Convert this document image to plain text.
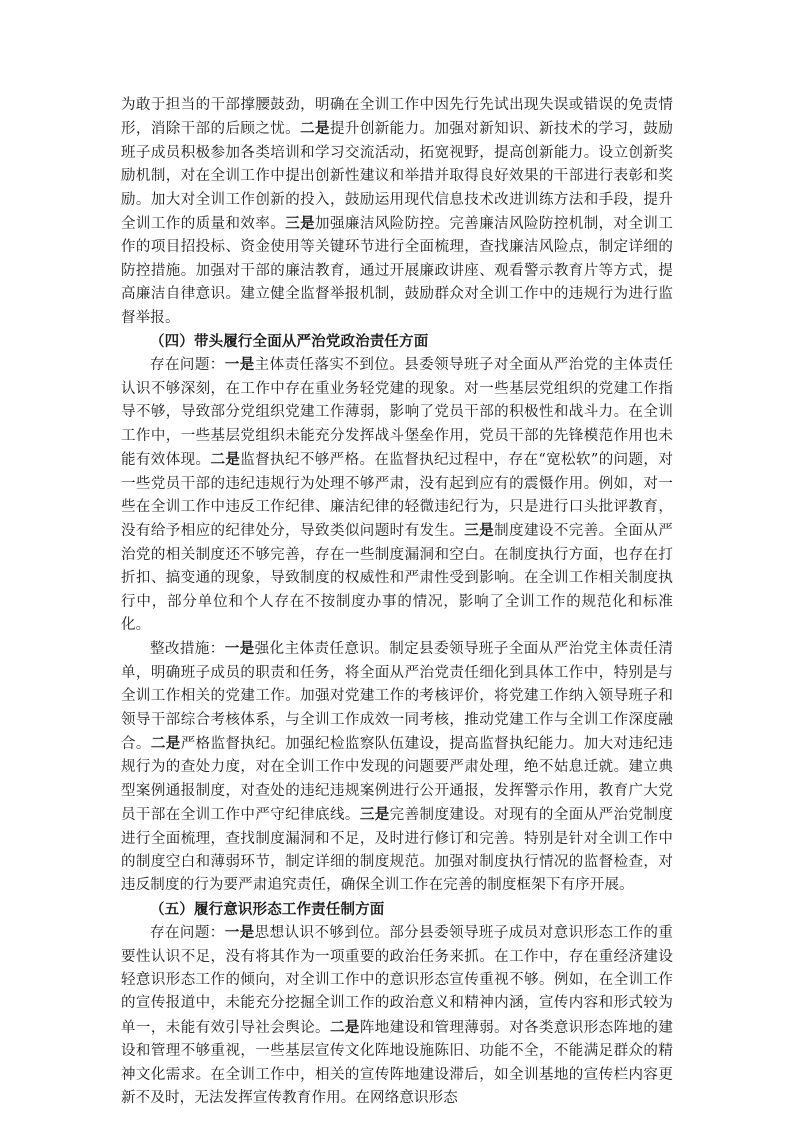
为敢于担当的干部撑腰鼓劲，明确在全训工作中因先行先试出现失误或错误的免责情形，消除干部的后顾之忧。二是提升创新能力。加强对新知识、新技术的学习，鼓励班子成员积极参加各类培训和学习交流活动，拓宽视野，提高创新能力。设立创新奖励机制，对在全训工作中提出创新性建议和举措并取得良好效果的干部进行表彰和奖励。加大对全训工作创新的投入，鼓励运用现代信息技术改进训练方法和手段，提升全训工作的质量和效率。三是加强廉洁风险防控。完善廉洁风险防控机制，对全训工作的项目招投标、资金使用等关键环节进行全面梳理，查找廉洁风险点，制定详细的防控措施。加强对干部的廉洁教育，通过开展廉政讲座、观看警示教育片等方式，提高廉洁自律意识。建立健全监督举报机制，鼓励群众对全训工作中的违规行为进行监督举报。

（四）带头履行全面从严治党政治责任方面

存在问题：一是主体责任落实不到位。县委领导班子对全面从严治党的主体责任认识不够深刻，在工作中存在重业务轻党建的现象。对一些基层党组织的党建工作指导不够，导致部分党组织党建工作薄弱，影响了党员干部的积极性和战斗力。在全训工作中，一些基层党组织未能充分发挥战斗堡垒作用，党员干部的先锋模范作用也未能有效体现。二是监督执纪不够严格。在监督执纪过程中，存在“宽松软”的问题，对一些党员干部的违纪违规行为处理不够严肃，没有起到应有的震慑作用。例如，对一些在全训工作中违反工作纪律、廉洁纪律的轻微违纪行为，只是进行口头批评教育，没有给予相应的纪律处分，导致类似问题时有发生。三是制度建设不完善。全面从严治党的相关制度还不够完善，存在一些制度漏洞和空白。在制度执行方面，也存在打折扣、搞变通的现象，导致制度的权威性和严肃性受到影响。在全训工作相关制度执行中，部分单位和个人存在不按制度办事的情况，影响了全训工作的规范化和标准化。

整改措施：一是强化主体责任意识。制定县委领导班子全面从严治党主体责任清单，明确班子成员的职责和任务，将全面从严治党责任细化到具体工作中，特别是与全训工作相关的党建工作。加强对党建工作的考核评价，将党建工作纳入领导班子和领导干部综合考核体系，与全训工作成效一同考核，推动党建工作与全训工作深度融合。二是严格监督执纪。加强纪检监察队伍建设，提高监督执纪能力。加大对违纪违规行为的查处力度，对在全训工作中发现的问题要严肃处理，绝不姑息迁就。建立典型案例通报制度，对查处的违纪违规案例进行公开通报，发挥警示作用，教育广大党员干部在全训工作中严守纪律底线。三是完善制度建设。对现有的全面从严治党制度进行全面梳理，查找制度漏洞和不足，及时进行修订和完善。特别是针对全训工作中的制度空白和薄弱环节，制定详细的制度规范。加强对制度执行情况的监督检查，对违反制度的行为要严肃追究责任，确保全训工作在完善的制度框架下有序开展。

（五）履行意识形态工作责任制方面

存在问题：一是思想认识不够到位。部分县委领导班子成员对意识形态工作的重要性认识不足，没有将其作为一项重要的政治任务来抓。在工作中，存在重经济建设轻意识形态工作的倾向，对全训工作中的意识形态宣传重视不够。例如，在全训工作的宣传报道中，未能充分挖掘全训工作的政治意义和精神内涵，宣传内容和形式较为单一，未能有效引导社会舆论。二是阵地建设和管理薄弱。对各类意识形态阵地的建设和管理不够重视，一些基层宣传文化阵地设施陈旧、功能不全，不能满足群众的精神文化需求。在全训工作中，相关的宣传阵地建设滞后，如全训基地的宣传栏内容更新不及时，无法发挥宣传教育作用。在网络意识形态
